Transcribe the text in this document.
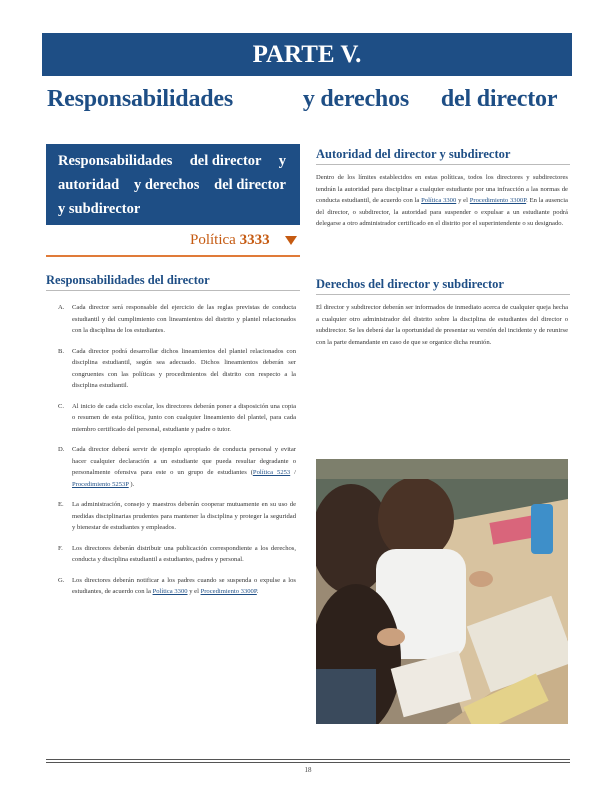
PARTE V.
Responsabilidades	y derechos del director
Responsabilidades del director y
autoridad y derechos del director
y subdirector
Política 3333
Responsabilidades del director
A. Cada director será responsable del ejercicio de las reglas previstas de conducta estudiantil y del cumplimiento con lineamientos del distrito y plantel relacionados con la disciplina de los estudiantes.
B. Cada director podrá desarrollar dichos lineamientos del plantel relacionados con disciplina estudiantil, según sea adecuado. Dichos lineamientos deberán ser congruentes con las políticas y procedimientos del distrito con respecto a la disciplina estudiantil.
C. Al inicio de cada ciclo escolar, los directores deberán poner a disposición una copia o resumen de esta política, junto con cualquier lineamiento del plantel, para cada miembro certificado del personal, estudiante y padre o tutor.
D. Cada director deberá servir de ejemplo apropiado de conducta personal y evitar hacer cualquier declaración a un estudiante que pueda resultar degradante o personalmente ofensiva para este o un grupo de estudiantes (Política 5253 / Procedimiento 5253P ).
E. La administración, consejo y maestros deberán cooperar mutuamente en su uso de medidas disciplinarias prudentes para mantener la disciplina y proteger la seguridad y bienestar de estudiantes y empleados.
F. Los directores deberán distribuir una publicación correspondiente a los derechos, conducta y disciplina estudiantil a estudiantes, padres y personal.
G. Los directores deberán notificar a los padres cuando se suspenda o expulse a los estudiantes, de acuerdo con la Política 3300 y el Procedimiento 3300P.
Autoridad del director y subdirector
Dentro de los límites establecidos en estas políticas, todos los directores y subdirectores tendrán la autoridad para disciplinar a cualquier estudiante por una infracción a las normas de conducta estudiantil, de acuerdo con la Política 3300 y el Procedimiento 3300P. En la ausencia del director, o subdirector, la autoridad para suspender o expulsar a un estudiante podrá delegarse a otro administrador certificado en el distrito por el superintendente o su designado.
Derechos del director y subdirector
El director y subdirector deberán ser informados de inmediato acerca de cualquier queja hecha a cualquier otro administrador del distrito sobre la disciplina de estudiantes del director o subdirector. Se les deberá dar la oportunidad de presentar su versión del incidente y de reunirse con la parte demandante en caso de que se organice dicha reunión.
18
